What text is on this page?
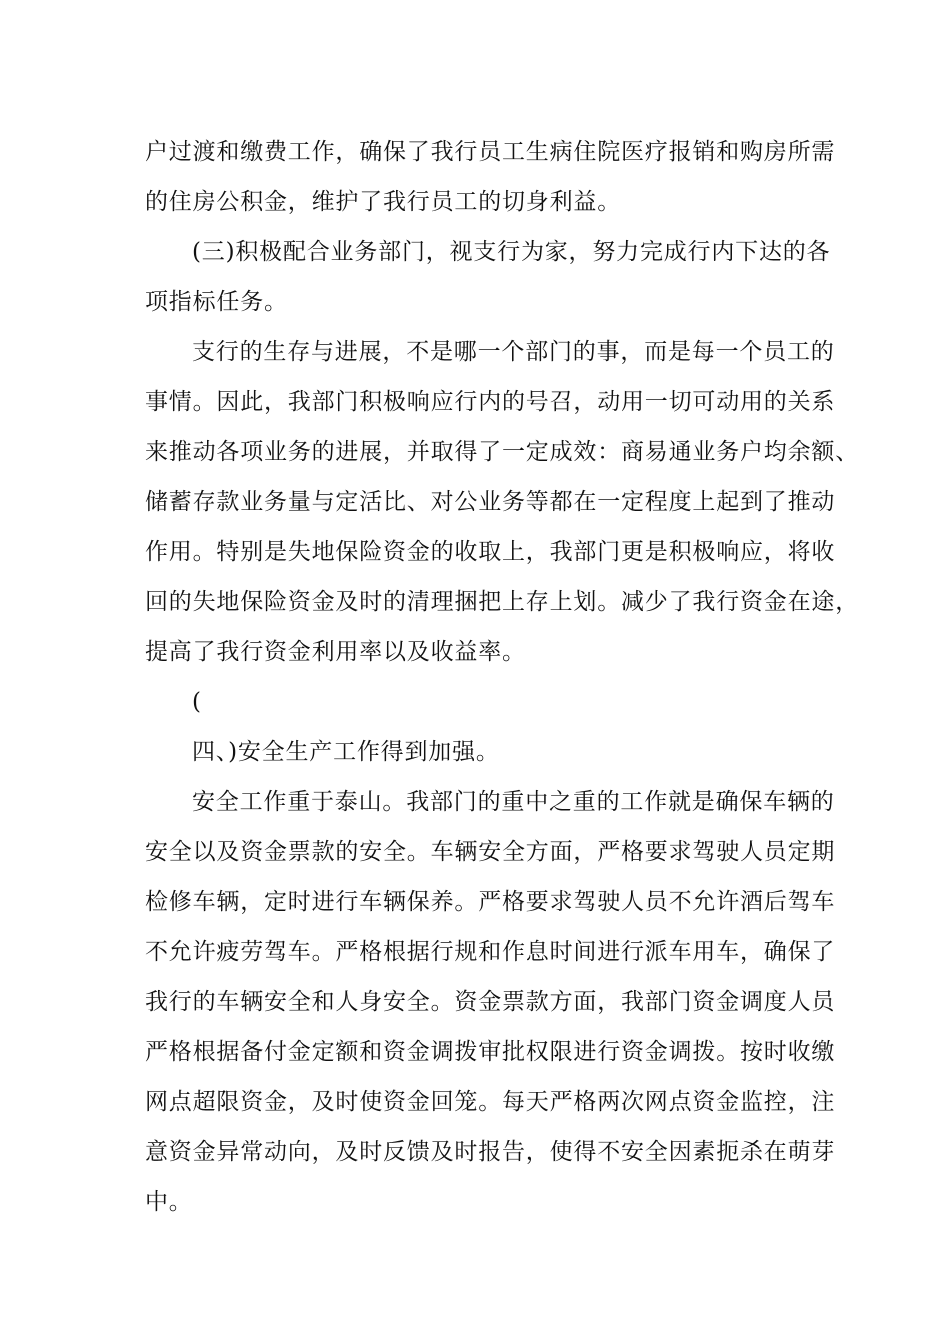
户过渡和缴费工作，确保了我行员工生病住院医疗报销和购房所需
的住房公积金，维护了我行员工的切身利益。
(三)积极配合业务部门，视支行为家，努力完成行内下达的各
项指标任务。
支行的生存与进展，不是哪一个部门的事，而是每一个员工的
事情。因此，我部门积极响应行内的号召，动用一切可动用的关系
来推动各项业务的进展，并取得了一定成效：商易通业务户均余额、
储蓄存款业务量与定活比、对公业务等都在一定程度上起到了推动
作用。特别是失地保险资金的收取上，我部门更是积极响应，将收
回的失地保险资金及时的清理捆把上存上划。减少了我行资金在途，
提高了我行资金利用率以及收益率。
(
四、)安全生产工作得到加强。
安全工作重于泰山。我部门的重中之重的工作就是确保车辆的
安全以及资金票款的安全。车辆安全方面，严格要求驾驶人员定期
检修车辆，定时进行车辆保养。严格要求驾驶人员不允许酒后驾车
不允许疲劳驾车。严格根据行规和作息时间进行派车用车，确保了
我行的车辆安全和人身安全。资金票款方面，我部门资金调度人员
严格根据备付金定额和资金调拨审批权限进行资金调拨。按时收缴
网点超限资金，及时使资金回笼。每天严格两次网点资金监控，注
意资金异常动向，及时反馈及时报告，使得不安全因素扼杀在萌芽
中。
